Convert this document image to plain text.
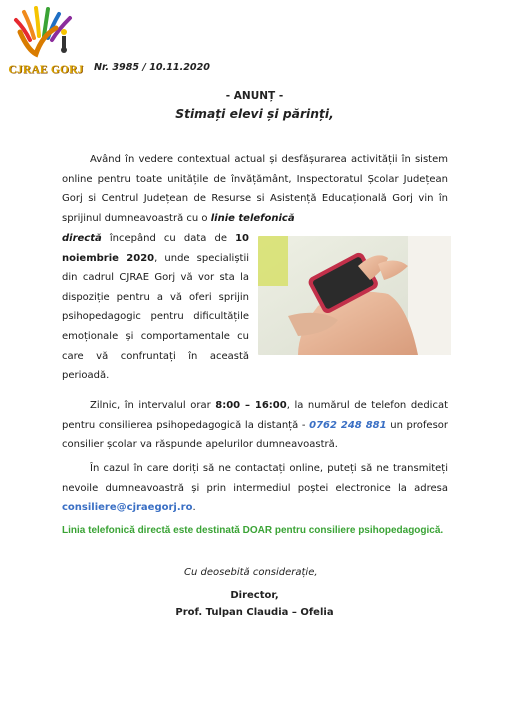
CJRAE GORJ Nr. 3985 / 10.11.2020
- ANUNȚ -
Stimați elevi și părinți,
Având în vedere contextual actual și desfășurarea activității în sistem online pentru toate unitățile de învățământ, Inspectoratul Școlar Județean Gorj si Centrul Județean de Resurse si Asistență Educațională Gorj vin în sprijinul dumneavoastră cu o linie telefonică
directă începând cu data de 10 noiembrie 2020, unde specialiștii din cadrul CJRAE Gorj vă vor sta la dispoziție pentru a vă oferi sprijin psihopedagogic pentru dificultățile emoționale și comportamentale cu care vă confruntați în această perioadă.
Zilnic, în intervalul orar 8:00 – 16:00, la numărul de telefon dedicat pentru consilierea psihopedagogică la distanță - 0762 248 881 un profesor consilier școlar va răspunde apelurilor dumneavoastră.
În cazul în care doriți să ne contactați online, puteți să ne transmiteți nevoile dumneavoastră și prin intermediul poștei electronice la adresa consiliere@cjraegorj.ro.
Linia telefonică directă este destinată DOAR pentru consiliere psihopedagogică.
Cu deosebită considerație,
Director,
Prof. Tulpan Claudia – Ofelia
